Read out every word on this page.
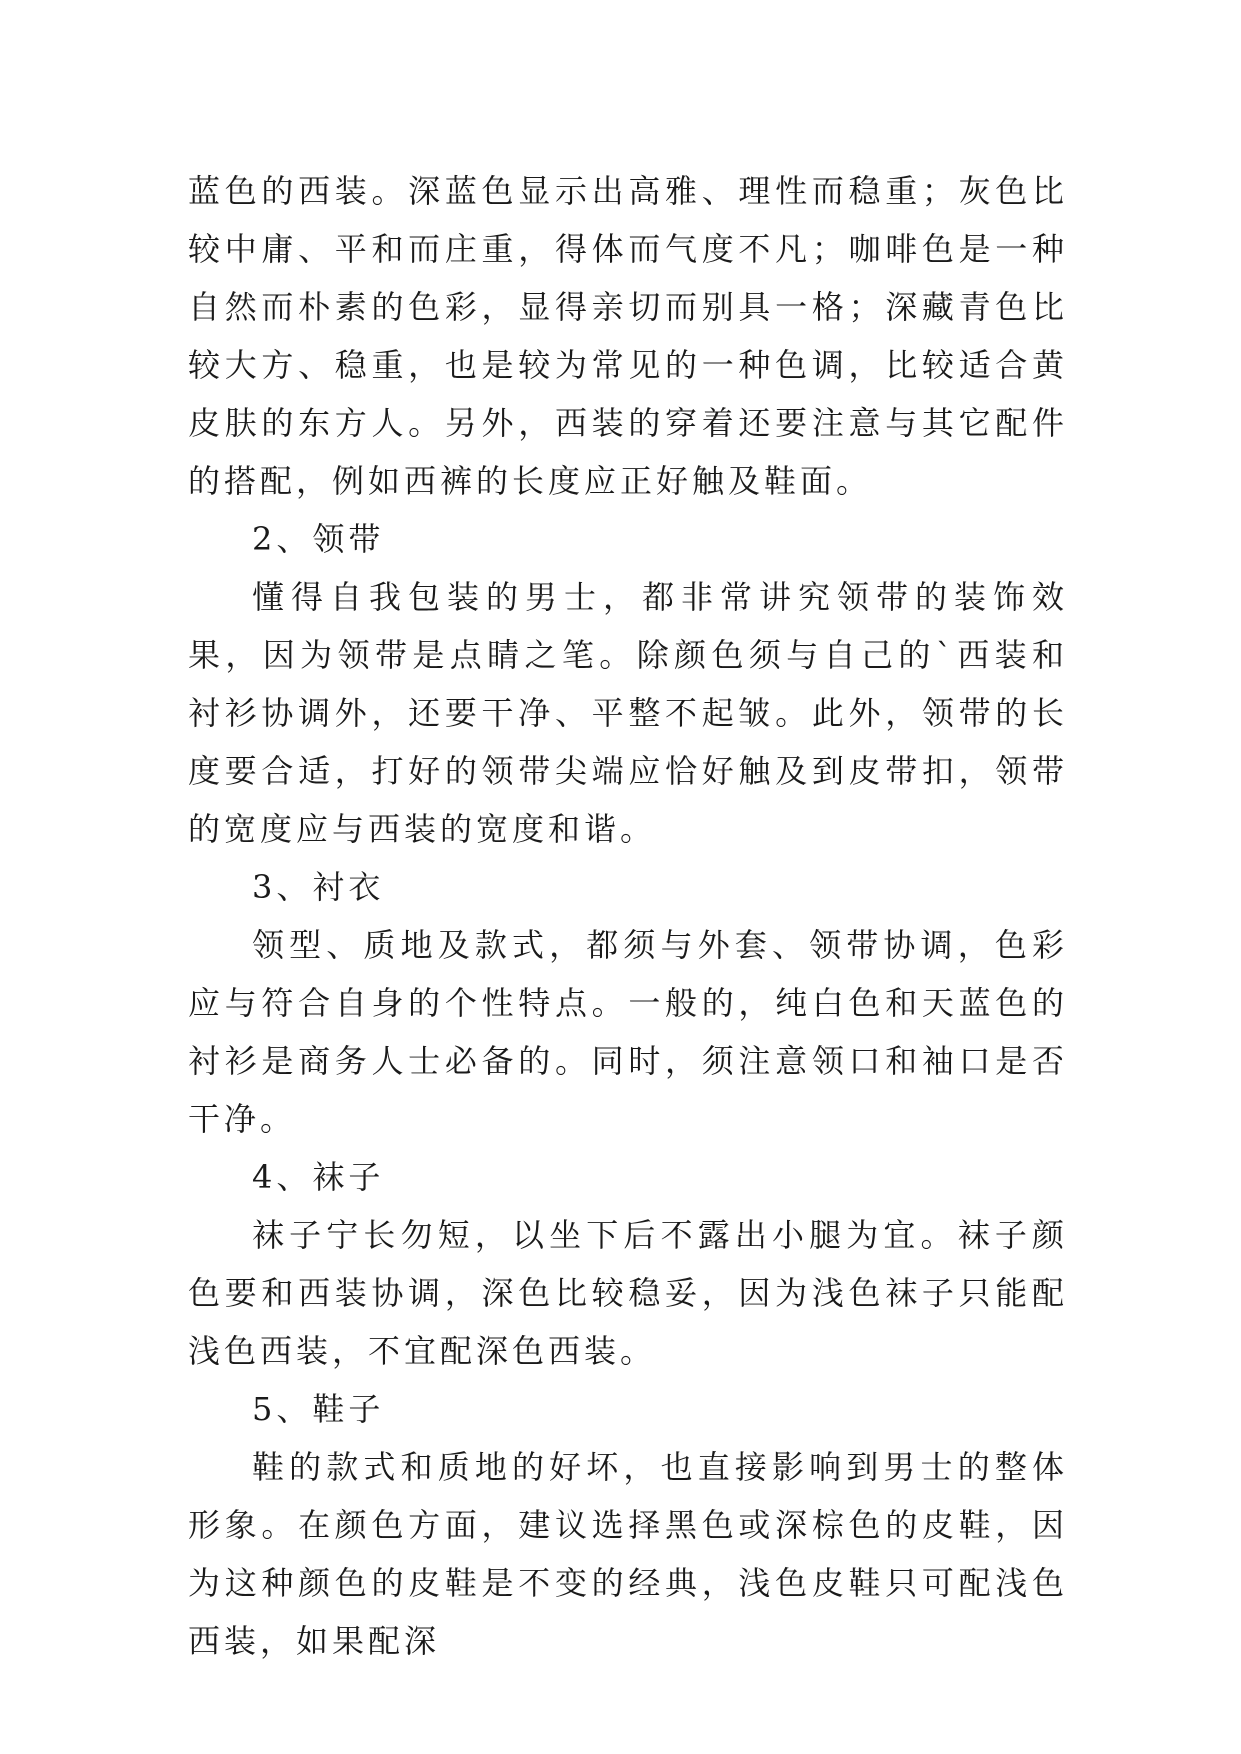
蓝色的西装。深蓝色显示出高雅、理性而稳重；灰色比较中庸、平和而庄重，得体而气度不凡；咖啡色是一种自然而朴素的色彩，显得亲切而别具一格；深藏青色比较大方、稳重，也是较为常见的一种色调，比较适合黄皮肤的东方人。另外，西装的穿着还要注意与其它配件的搭配，例如西裤的长度应正好触及鞋面。

2、领带

懂得自我包装的男士，都非常讲究领带的装饰效果，因为领带是点睛之笔。除颜色须与自己的`西装和衬衫协调外，还要干净、平整不起皱。此外，领带的长度要合适，打好的领带尖端应恰好触及到皮带扣，领带的宽度应与西装的宽度和谐。

3、衬衣

领型、质地及款式，都须与外套、领带协调，色彩应与符合自身的个性特点。一般的，纯白色和天蓝色的衬衫是商务人士必备的。同时，须注意领口和袖口是否干净。

4、袜子

袜子宁长勿短，以坐下后不露出小腿为宜。袜子颜色要和西装协调，深色比较稳妥，因为浅色袜子只能配浅色西装，不宜配深色西装。

5、鞋子

鞋的款式和质地的好坏，也直接影响到男士的整体形象。在颜色方面，建议选择黑色或深棕色的皮鞋，因为这种颜色的皮鞋是不变的经典，浅色皮鞋只可配浅色西装，如果配深
